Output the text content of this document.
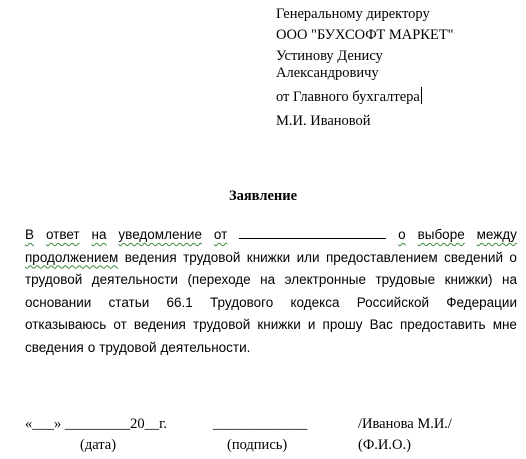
Генеральному директору
ООО "БУХСОФТ МАРКЕТ"
Устинову Денису
Александровичу
от Главного бухгалтера
М.И. Ивановой
Заявление
В ответ на уведомление от	о выборе между
продолжением ведения трудовой книжки или предоставлением сведений о
трудовой деятельности (переходе на электронные трудовые книжки) на
основании статьи 66.1 Трудового кодекса Российской Федерации
отказываюсь от ведения трудовой книжки и прошу Вас предоставить мне
сведения о трудовой деятельности.
«___» _________20__г.	_____________	/Иванова М.И./
(дата)	(подпись)	(Ф.И.О.)
